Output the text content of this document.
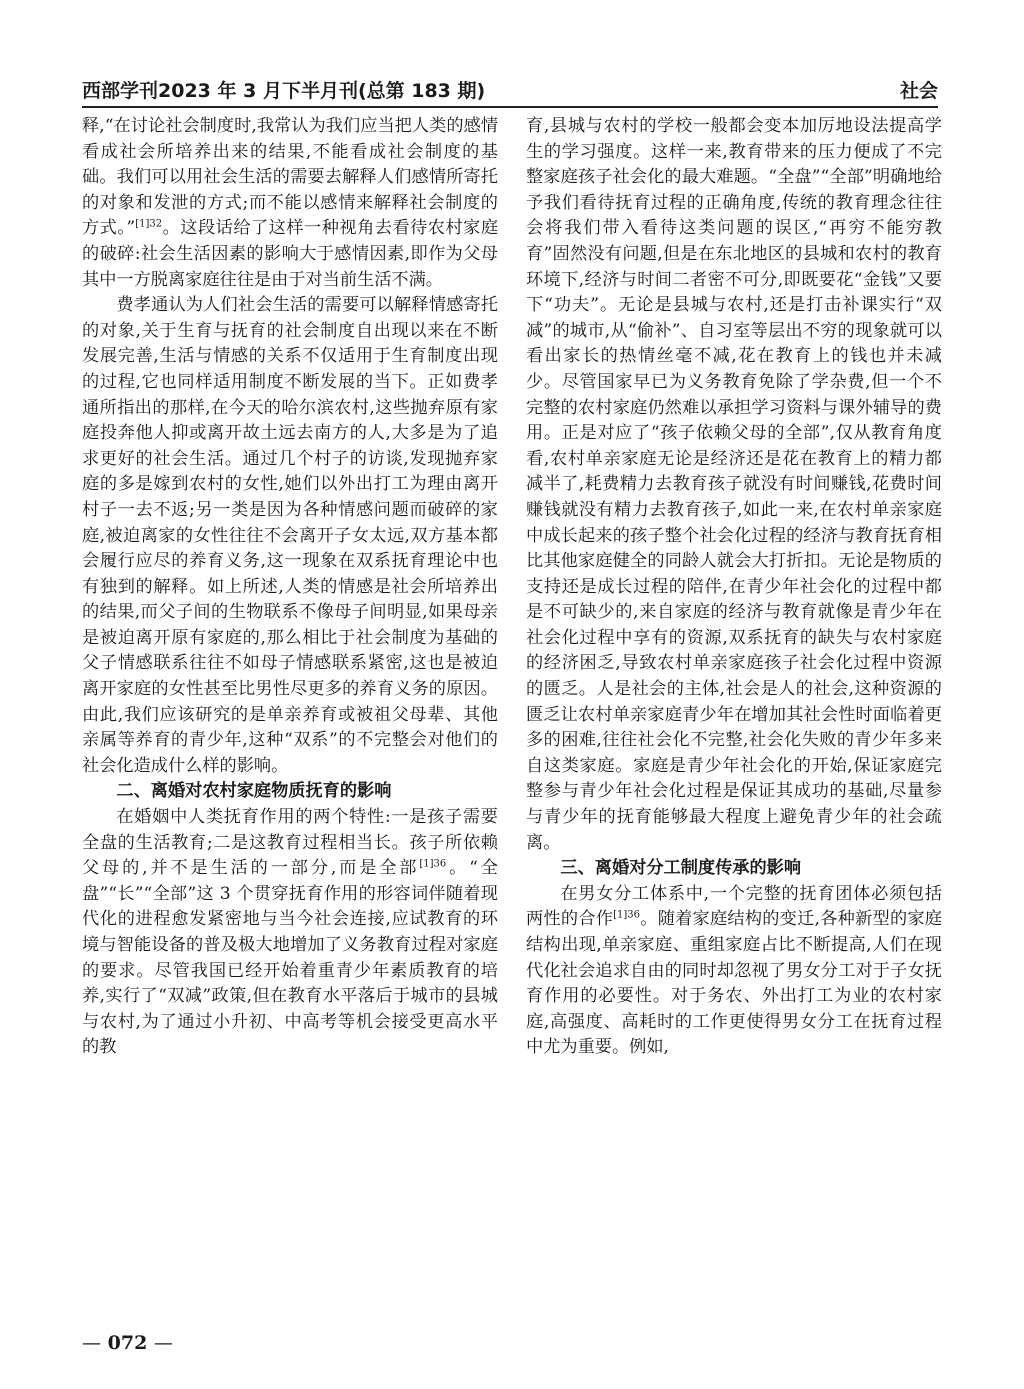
西部学刊2023 年 3 月下半月刊(总第 183 期)	社会

释,“在讨论社会制度时,我常认为我们应当把人类的感情看成社会所培养出来的结果,不能看成社会制度的基础。我们可以用社会生活的需要去解释人们感情所寄托的对象和发泄的方式;而不能以感情来解释社会制度的方式。”$^{[1]32}$。这段话给了这样一种视角去看待农村家庭的破碎:社会生活因素的影响大于感情因素,即作为父母其中一方脱离家庭往往是由于对当前生活不满。

费孝通认为人们社会生活的需要可以解释情感寄托的对象,关于生育与抚育的社会制度自出现以来在不断发展完善,生活与情感的关系不仅适用于生育制度出现的过程,它也同样适用制度不断发展的当下。正如费孝通所指出的那样,在今天的哈尔滨农村,这些抛弃原有家庭投奔他人抑或离开故土远去南方的人,大多是为了追求更好的社会生活。通过几个村子的访谈,发现抛弃家庭的多是嫁到农村的女性,她们以外出打工为理由离开村子一去不返;另一类是因为各种情感问题而破碎的家庭,被迫离家的女性往往不会离开子女太远,双方基本都会履行应尽的养育义务,这一现象在双系抚育理论中也有独到的解释。如上所述,人类的情感是社会所培养出的结果,而父子间的生物联系不像母子间明显,如果母亲是被迫离开原有家庭的,那么相比于社会制度为基础的父子情感联系往往不如母子情感联系紧密,这也是被迫离开家庭的女性甚至比男性尽更多的养育义务的原因。由此,我们应该研究的是单亲养育或被祖父母辈、其他亲属等养育的青少年,这种“双系”的不完整会对他们的社会化造成什么样的影响。

二、离婚对农村家庭物质抚育的影响

在婚姻中人类抚育作用的两个特性:一是孩子需要全盘的生活教育;二是这教育过程相当长。孩子所依赖父母的,并不是生活的一部分,而是全部$^{[1]36}$。“全盘”“长”“全部”这 3 个贯穿抚育作用的形容词伴随着现代化的进程愈发紧密地与当今社会连接,应试教育的环境与智能设备的普及极大地增加了义务教育过程对家庭的要求。尽管我国已经开始着重青少年素质教育的培养,实行了“双减”政策,但在教育水平落后于城市的县城与农村,为了通过小升初、中高考等机会接受更高水平的教

育,县城与农村的学校一般都会变本加厉地设法提高学生的学习强度。这样一来,教育带来的压力便成了不完整家庭孩子社会化的最大难题。“全盘”“全部”明确地给予我们看待抚育过程的正确角度,传统的教育理念往往会将我们带入看待这类问题的误区,“再穷不能穷教育”固然没有问题,但是在东北地区的县城和农村的教育环境下,经济与时间二者密不可分,即既要花“金钱”又要下“功夫”。无论是县城与农村,还是打击补课实行“双减”的城市,从“偷补”、自习室等层出不穷的现象就可以看出家长的热情丝毫不减,花在教育上的钱也并未减少。尽管国家早已为义务教育免除了学杂费,但一个不完整的农村家庭仍然难以承担学习资料与课外辅导的费用。正是对应了“孩子依赖父母的全部”,仅从教育角度看,农村单亲家庭无论是经济还是花在教育上的精力都减半了,耗费精力去教育孩子就没有时间赚钱,花费时间赚钱就没有精力去教育孩子,如此一来,在农村单亲家庭中成长起来的孩子整个社会化过程的经济与教育抚育相比其他家庭健全的同龄人就会大打折扣。无论是物质的支持还是成长过程的陪伴,在青少年社会化的过程中都是不可缺少的,来自家庭的经济与教育就像是青少年在社会化过程中享有的资源,双系抚育的缺失与农村家庭的经济困乏,导致农村单亲家庭孩子社会化过程中资源的匮乏。人是社会的主体,社会是人的社会,这种资源的匮乏让农村单亲家庭青少年在增加其社会性时面临着更多的困难,往往社会化不完整,社会化失败的青少年多来自这类家庭。家庭是青少年社会化的开始,保证家庭完整参与青少年社会化过程是保证其成功的基础,尽量参与青少年的抚育能够最大程度上避免青少年的社会疏离。

三、离婚对分工制度传承的影响

在男女分工体系中,一个完整的抚育团体必须包括两性的合作$^{[1]36}$。随着家庭结构的变迁,各种新型的家庭结构出现,单亲家庭、重组家庭占比不断提高,人们在现代化社会追求自由的同时却忽视了男女分工对于子女抚育作用的必要性。对于务农、外出打工为业的农村家庭,高强度、高耗时的工作更使得男女分工在抚育过程中尤为重要。例如,

— 072 —
